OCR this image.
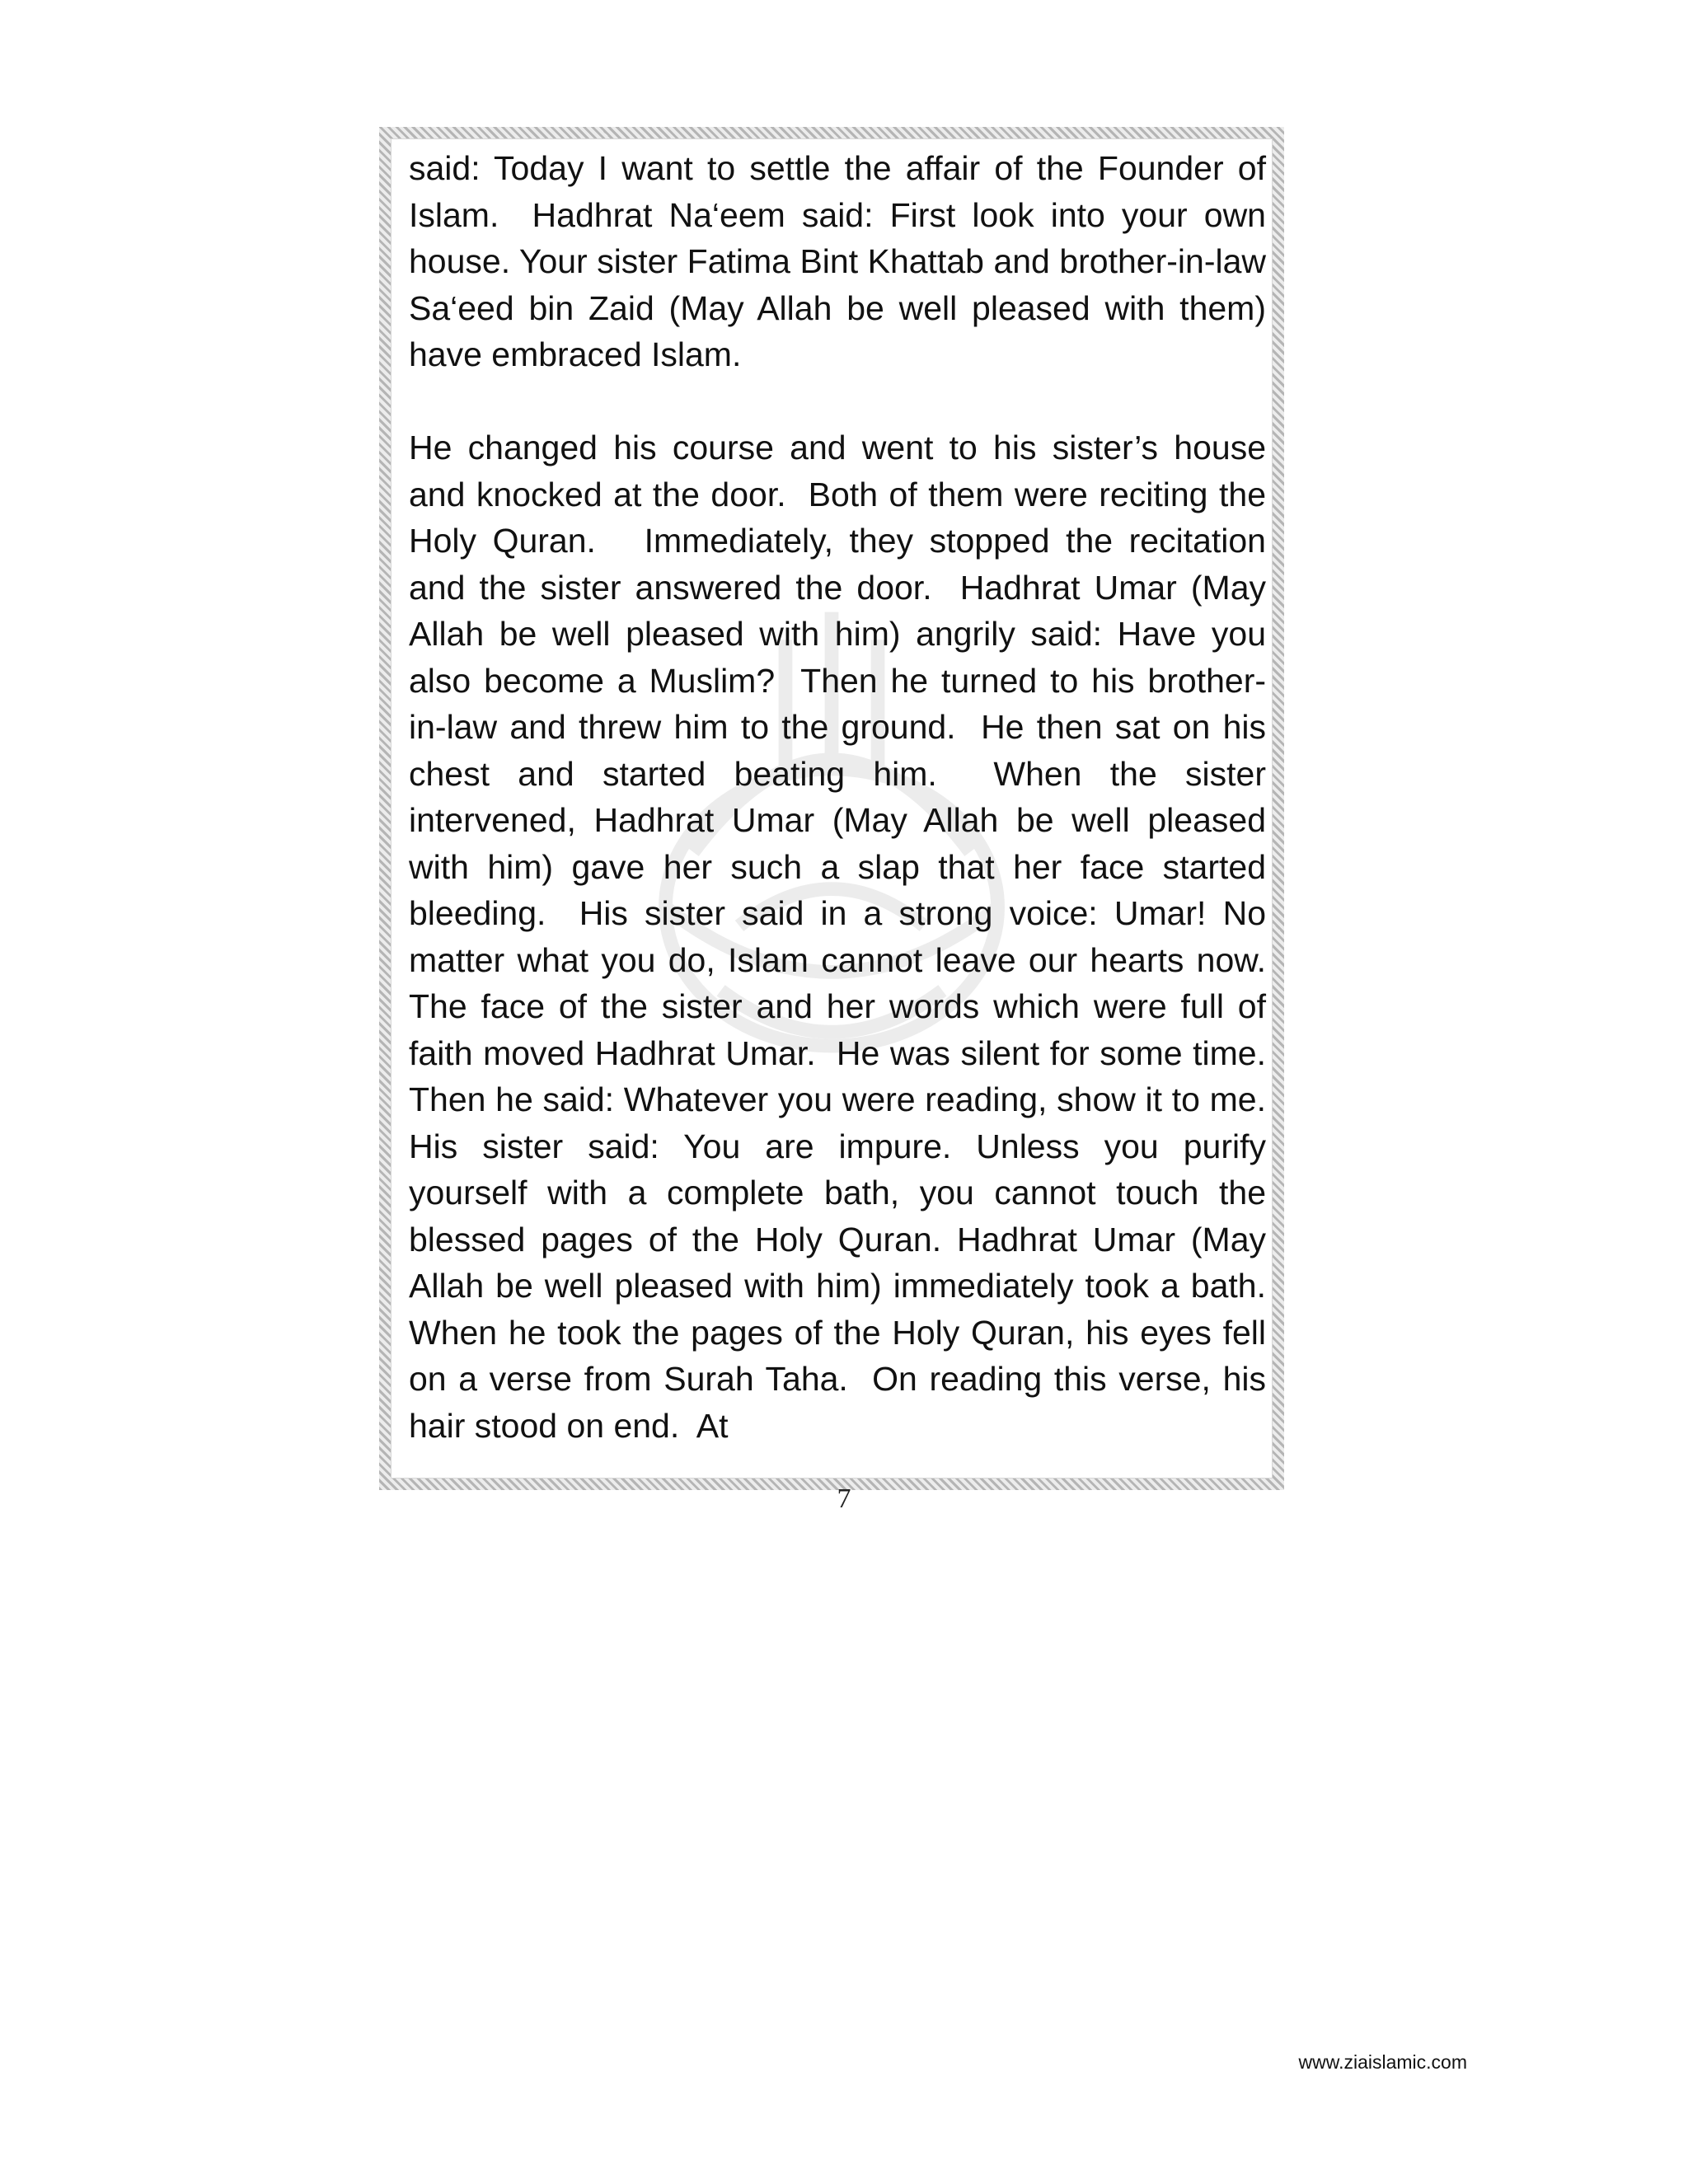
said: Today I want to settle the affair of the Founder of Islam.  Hadhrat Na‘eem said: First look into your own house. Your sister Fatima Bint Khattab and brother-in-law Sa‘eed bin Zaid (May Allah be well pleased with them) have embraced Islam.

He changed his course and went to his sister’s house and knocked at the door.  Both of them were reciting the Holy Quran.   Immediately, they stopped the recitation and the sister answered the door.  Hadhrat Umar (May Allah be well pleased with him) angrily said: Have you also become a Muslim?  Then he turned to his brother-in-law and threw him to the ground.  He then sat on his chest and started beating him.  When the sister intervened, Hadhrat Umar (May Allah be well pleased with him) gave her such a slap that her face started bleeding.  His sister said in a strong voice: Umar! No matter what you do, Islam cannot leave our hearts now.  The face of the sister and her words which were full of faith moved Hadhrat Umar.  He was silent for some time.  Then he said: Whatever you were reading, show it to me.  His sister said: You are impure. Unless you purify yourself with a complete bath, you cannot touch the blessed pages of the Holy Quran. Hadhrat Umar (May Allah be well pleased with him) immediately took a bath.  When he took the pages of the Holy Quran, his eyes fell on a verse from Surah Taha.  On reading this verse, his hair stood on end.  At

7
www.ziaislamic.com
